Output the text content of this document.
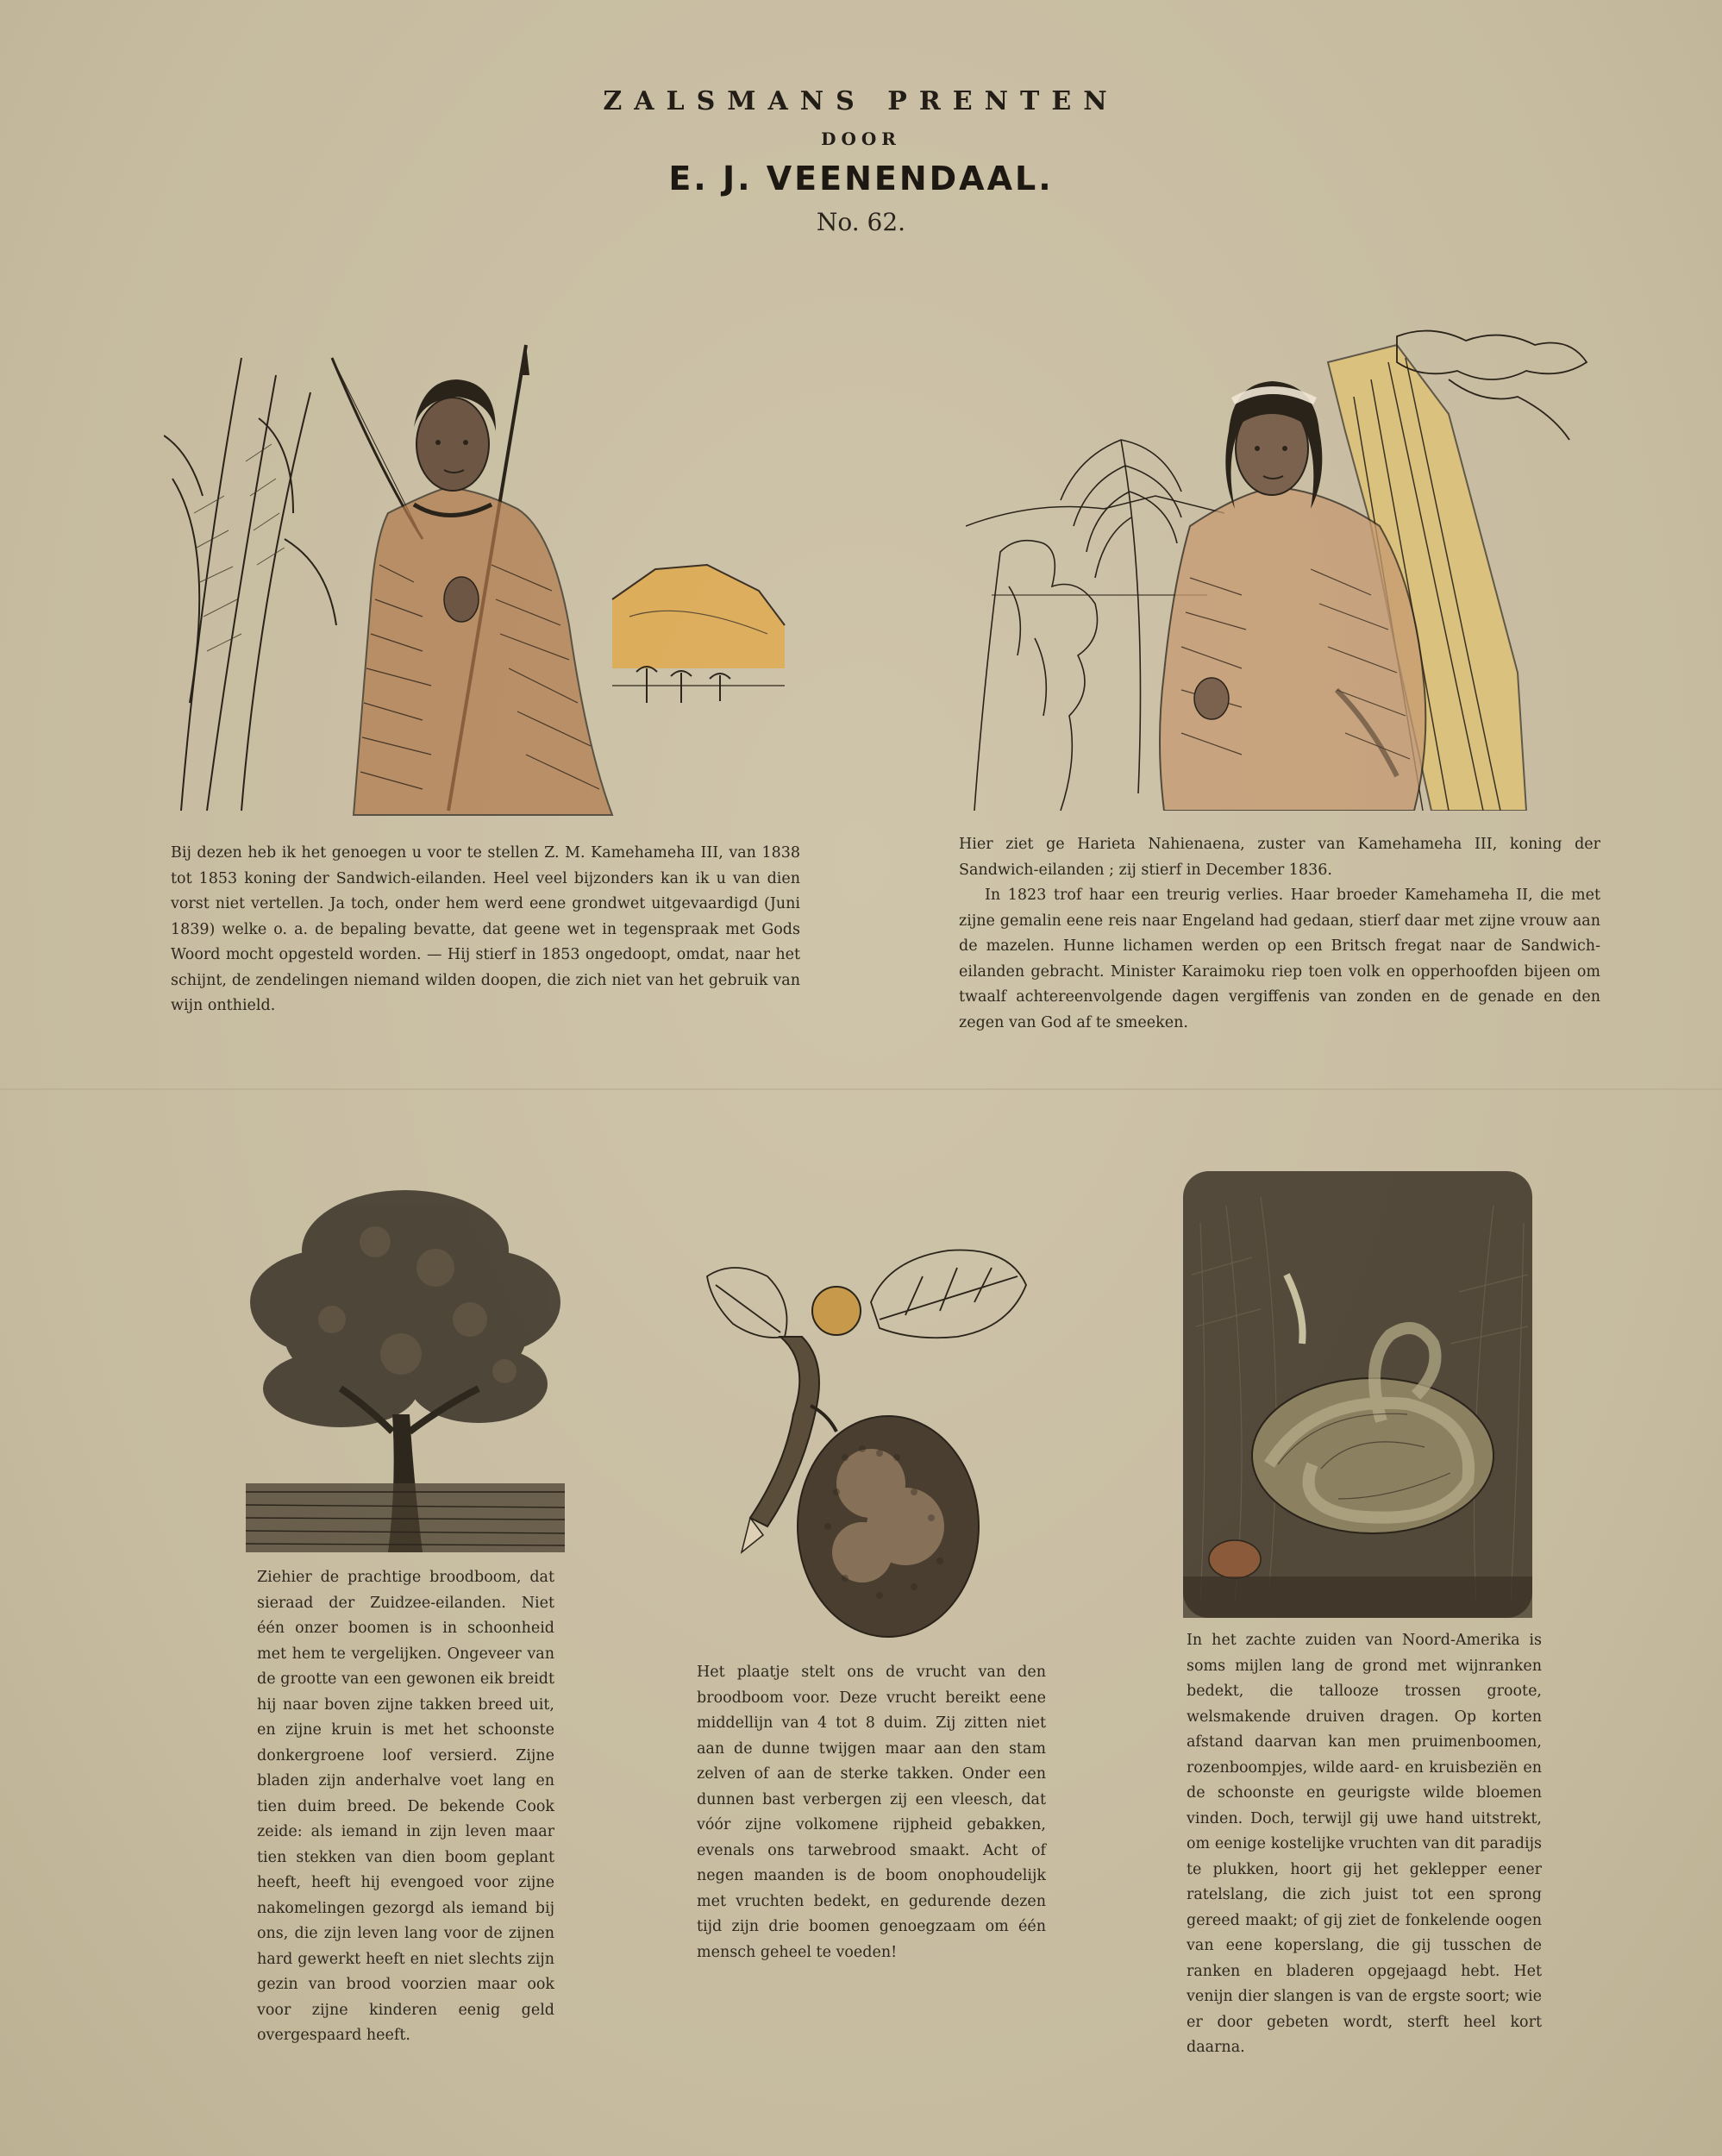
ZALSMANS PRENTEN
DOOR
E. J. VEENENDAAL.
No. 62.
Bij dezen heb ik het genoegen u voor te stellen Z. M. Kamehameha III, van 1838 tot 1853 koning der Sandwich-eilanden. Heel veel bijzonders kan ik u van dien vorst niet vertellen. Ja toch, onder hem werd eene grondwet uitgevaardigd (Juni 1839) welke o. a. de bepaling bevatte, dat geene wet in tegenspraak met Gods Woord mocht opgesteld worden. — Hij stierf in 1853 ongedoopt, omdat, naar het schijnt, de zendelingen niemand wilden doopen, die zich niet van het gebruik van wijn onthield.

Hier ziet ge Harieta Nahienaena, zuster van Kamehameha III, koning der Sandwich-eilanden ; zij stierf in December 1836.

In 1823 trof haar een treurig verlies. Haar broeder Kamehameha II, die met zijne gemalin eene reis naar Engeland had gedaan, stierf daar met zijne vrouw aan de mazelen. Hunne lichamen werden op een Britsch fregat naar de Sandwich-eilanden gebracht. Minister Karaimoku riep toen volk en opperhoofden bijeen om twaalf achtereenvolgende dagen vergiffenis van zonden en de genade en den zegen van God af te smeeken.

Ziehier de prachtige broodboom, dat sieraad der Zuidzee-eilanden. Niet één onzer boomen is in schoonheid met hem te vergelijken. Ongeveer van de grootte van een gewonen eik breidt hij naar boven zijne takken breed uit, en zijne kruin is met het schoonste donkergroene loof versierd. Zijne bladen zijn anderhalve voet lang en tien duim breed. De bekende Cook zeide: als iemand in zijn leven maar tien stekken van dien boom geplant heeft, heeft hij evengoed voor zijne nakomelingen gezorgd als iemand bij ons, die zijn leven lang voor de zijnen hard gewerkt heeft en niet slechts zijn gezin van brood voorzien maar ook voor zijne kinderen eenig geld overgespaard heeft.
Het plaatje stelt ons de vrucht van den broodboom voor. Deze vrucht bereikt eene middellijn van 4 tot 8 duim. Zij zitten niet aan de dunne twijgen maar aan den stam zelven of aan de sterke takken. Onder een dunnen bast verbergen zij een vleesch, dat vóór zijne volkomene rijpheid gebakken, evenals ons tarwebrood smaakt. Acht of negen maanden is de boom onophoudelijk met vruchten bedekt, en gedurende dezen tijd zijn drie boomen genoegzaam om één mensch geheel te voeden!
In het zachte zuiden van Noord-Amerika is soms mijlen lang de grond met wijnranken bedekt, die tallooze trossen groote, welsmakende druiven dragen. Op korten afstand daarvan kan men pruimenboomen, rozenboompjes, wilde aard- en kruisbeziën en de schoonste en geurigste wilde bloemen vinden. Doch, terwijl gij uwe hand uitstrekt, om eenige kostelijke vruchten van dit paradijs te plukken, hoort gij het geklepper eener ratelslang, die zich juist tot een sprong gereed maakt; of gij ziet de fonkelende oogen van eene koperslang, die gij tusschen de ranken en bladeren opgejaagd hebt. Het venijn dier slangen is van de ergste soort; wie er door gebeten wordt, sterft heel kort daarna.
